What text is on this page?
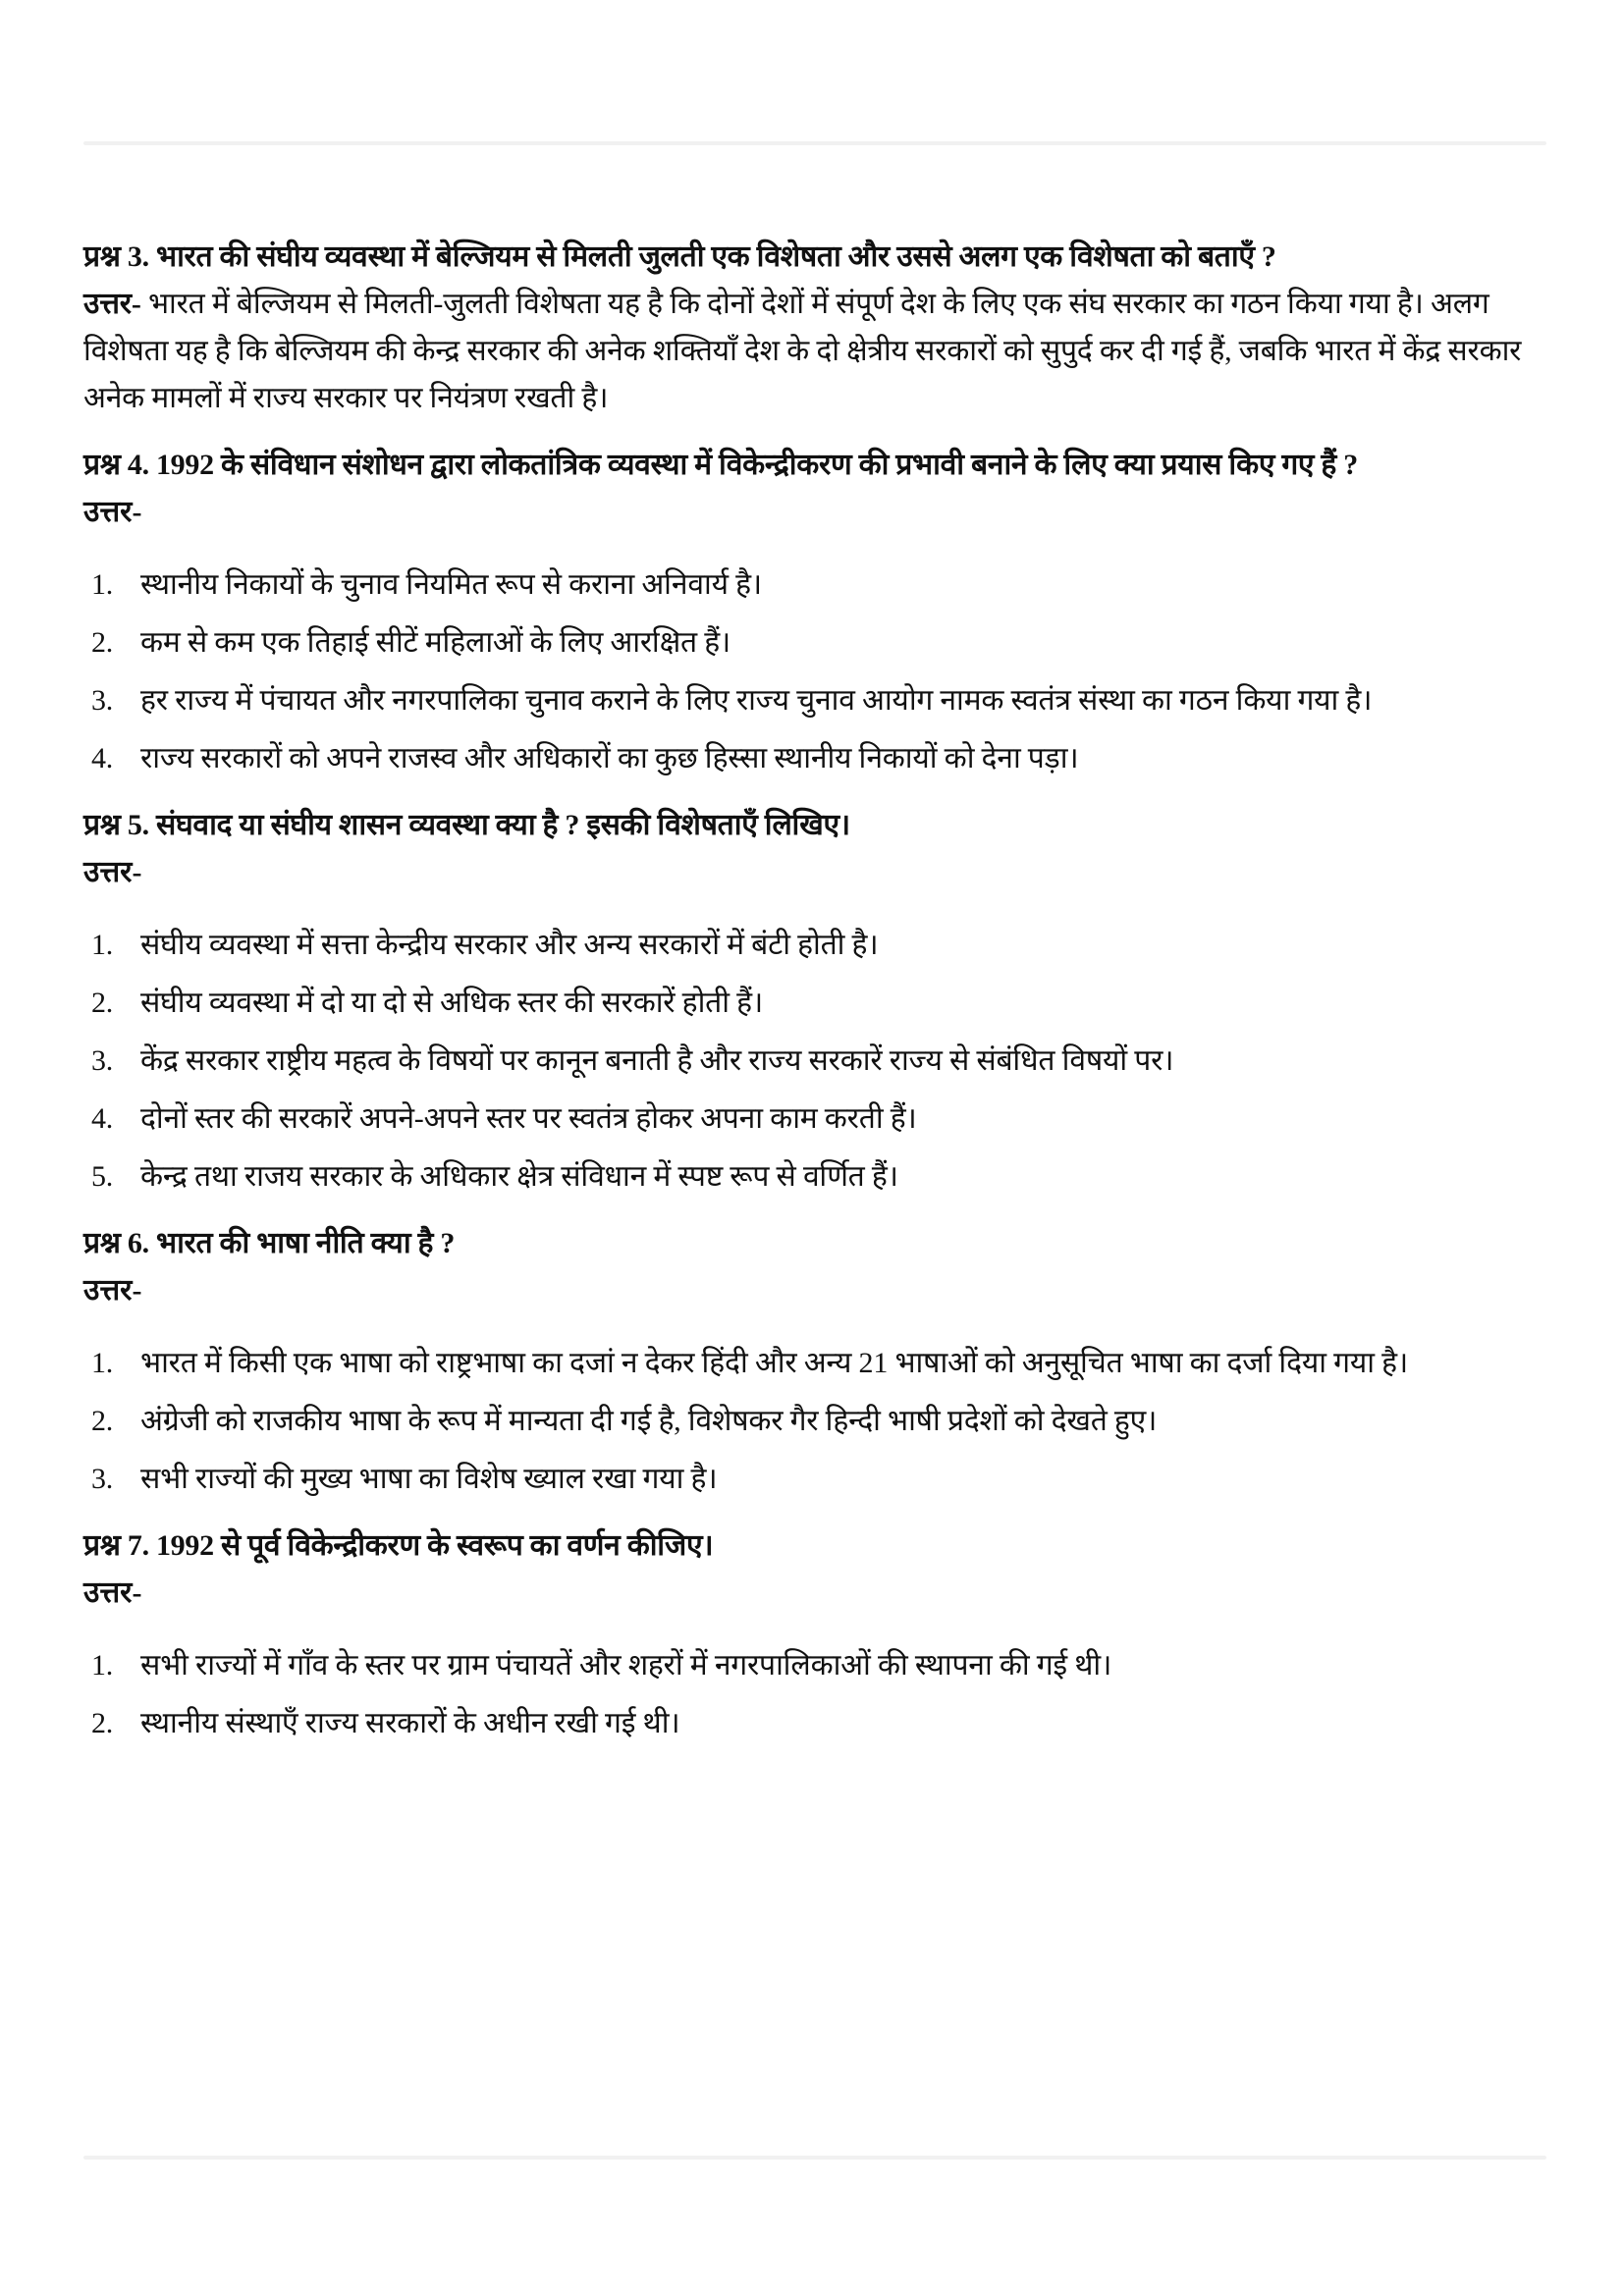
प्रश्न 3. भारत की संघीय व्यवस्था में बेल्जियम से मिलती जुलती एक विशेषता और उससे अलग एक विशेषता को बताएँ ?

उत्तर- भारत में बेल्जियम से मिलती-जुलती विशेषता यह है कि दोनों देशों में संपूर्ण देश के लिए एक संघ सरकार का गठन किया गया है। अलग विशेषता यह है कि बेल्जियम की केन्द्र सरकार की अनेक शक्तियाँ देश के दो क्षेत्रीय सरकारों को सुपुर्द कर दी गई हैं, जबकि भारत में केंद्र सरकार अनेक मामलों में राज्य सरकार पर नियंत्रण रखती है।

प्रश्न 4. 1992 के संविधान संशोधन द्वारा लोकतांत्रिक व्यवस्था में विकेन्द्रीकरण की प्रभावी बनाने के लिए क्या प्रयास किए गए हैं ?

उत्तर-

1. स्थानीय निकायों के चुनाव नियमित रूप से कराना अनिवार्य है।
2. कम से कम एक तिहाई सीटें महिलाओं के लिए आरक्षित हैं।
3. हर राज्य में पंचायत और नगरपालिका चुनाव कराने के लिए राज्य चुनाव आयोग नामक स्वतंत्र संस्था का गठन किया गया है।
4. राज्य सरकारों को अपने राजस्व और अधिकारों का कुछ हिस्सा स्थानीय निकायों को देना पड़ा।

प्रश्न 5. संघवाद या संघीय शासन व्यवस्था क्या है ? इसकी विशेषताएँ लिखिए।

उत्तर-

1. संघीय व्यवस्था में सत्ता केन्द्रीय सरकार और अन्य सरकारों में बंटी होती है।
2. संघीय व्यवस्था में दो या दो से अधिक स्तर की सरकारें होती हैं।
3. केंद्र सरकार राष्ट्रीय महत्व के विषयों पर कानून बनाती है और राज्य सरकारें राज्य से संबंधित विषयों पर।
4. दोनों स्तर की सरकारें अपने-अपने स्तर पर स्वतंत्र होकर अपना काम करती हैं।
5. केन्द्र तथा राजय सरकार के अधिकार क्षेत्र संविधान में स्पष्ट रूप से वर्णित हैं।

प्रश्न 6. भारत की भाषा नीति क्या है ?

उत्तर-

1. भारत में किसी एक भाषा को राष्ट्रभाषा का दजां न देकर हिंदी और अन्य 21 भाषाओं को अनुसूचित भाषा का दर्जा दिया गया है।
2. अंग्रेजी को राजकीय भाषा के रूप में मान्यता दी गई है, विशेषकर गैर हिन्दी भाषी प्रदेशों को देखते हुए।
3. सभी राज्यों की मुख्य भाषा का विशेष ख्याल रखा गया है।

प्रश्न 7. 1992 से पूर्व विकेन्द्रीकरण के स्वरूप का वर्णन कीजिए।

उत्तर-

1. सभी राज्यों में गाँव के स्तर पर ग्राम पंचायतें और शहरों में नगरपालिकाओं की स्थापना की गई थी।
2. स्थानीय संस्थाएँ राज्य सरकारों के अधीन रखी गई थी।
